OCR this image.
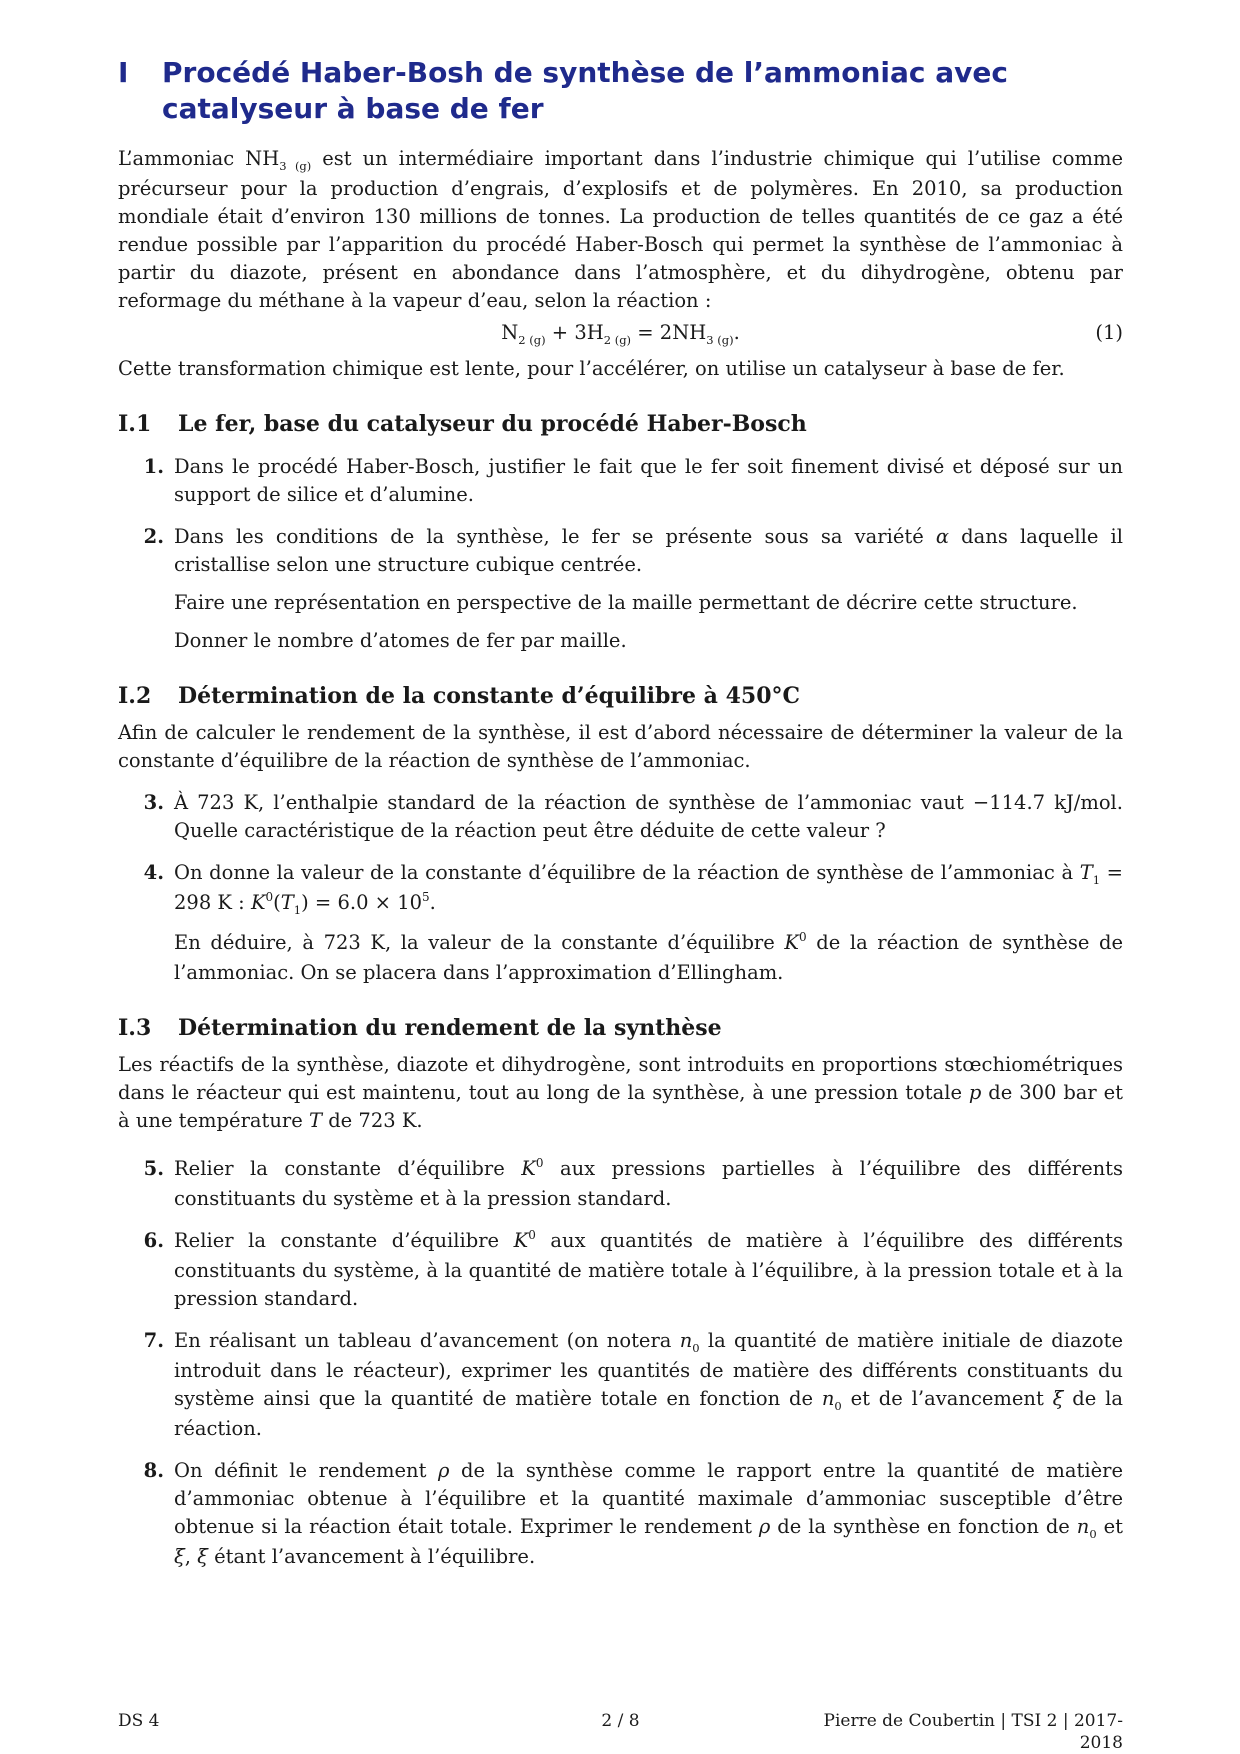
I	Procédé Haber-Bosh de synthèse de l’ammoniac avec catalyseur à base de fer

L’ammoniac $NH_{3 (g)}$ est un intermédiaire important dans l’industrie chimique qui l’utilise comme précurseur pour la production d’engrais, d’explosifs et de polymères. En 2010, sa production mondiale était d’environ 130 millions de tonnes. La production de telles quantités de ce gaz a été rendue possible par l’apparition du procédé Haber-Bosch qui permet la synthèse de l’ammoniac à partir du diazote, présent en abondance dans l’atmosphère, et du dihydrogène, obtenu par reformage du méthane à la vapeur d’eau, selon la réaction :

$N_{2 (g)} + 3H_{2 (g)} = 2NH_{3 (g)}$.	(1)

Cette transformation chimique est lente, pour l’accélérer, on utilise un catalyseur à base de fer.

I.1	Le fer, base du catalyseur du procédé Haber-Bosch
1. Dans le procédé Haber-Bosch, justifier le fait que le fer soit finement divisé et déposé sur un support de silice et d’alumine.

2. Dans les conditions de la synthèse, le fer se présente sous sa variété α dans laquelle il cristallise selon une structure cubique centrée.

Faire une représentation en perspective de la maille permettant de décrire cette structure.

Donner le nombre d’atomes de fer par maille.

I.2	Détermination de la constante d’équilibre à 450°C

Afin de calculer le rendement de la synthèse, il est d’abord nécessaire de déterminer la valeur de la constante d’équilibre de la réaction de synthèse de l’ammoniac.

3. À 723 K, l’enthalpie standard de la réaction de synthèse de l’ammoniac vaut −114.7 kJ/mol. Quelle caractéristique de la réaction peut être déduite de cette valeur ?

4. On donne la valeur de la constante d’équilibre de la réaction de synthèse de l’ammoniac à $T_1 = 298$ K : $K^0(T_1) = 6.0 \times 10^5$.

En déduire, à 723 K, la valeur de la constante d’équilibre $K^0$ de la réaction de synthèse de l’ammoniac. On se placera dans l’approximation d’Ellingham.

I.3	Détermination du rendement de la synthèse

Les réactifs de la synthèse, diazote et dihydrogène, sont introduits en proportions stœchiométriques dans le réacteur qui est maintenu, tout au long de la synthèse, à une pression totale p de 300 bar et à une température T de 723 K.

5. Relier la constante d’équilibre $K^0$ aux pressions partielles à l’équilibre des différents constituants du système et à la pression standard.

6. Relier la constante d’équilibre $K^0$ aux quantités de matière à l’équilibre des différents constituants du système, à la quantité de matière totale à l’équilibre, à la pression totale et à la pression standard.

7. En réalisant un tableau d’avancement (on notera $n_0$ la quantité de matière initiale de diazote introduit dans le réacteur), exprimer les quantités de matière des différents constituants du système ainsi que la quantité de matière totale en fonction de $n_0$ et de l’avancement ξ de la réaction.

8. On définit le rendement ρ de la synthèse comme le rapport entre la quantité de matière d’ammoniac obtenue à l’équilibre et la quantité maximale d’ammoniac susceptible d’être obtenue si la réaction était totale. Exprimer le rendement ρ de la synthèse en fonction de $n_0$ et ξ, ξ étant l’avancement à l’équilibre.

DS 4	2 / 8	Pierre de Coubertin | TSI 2 | 2017-2018
